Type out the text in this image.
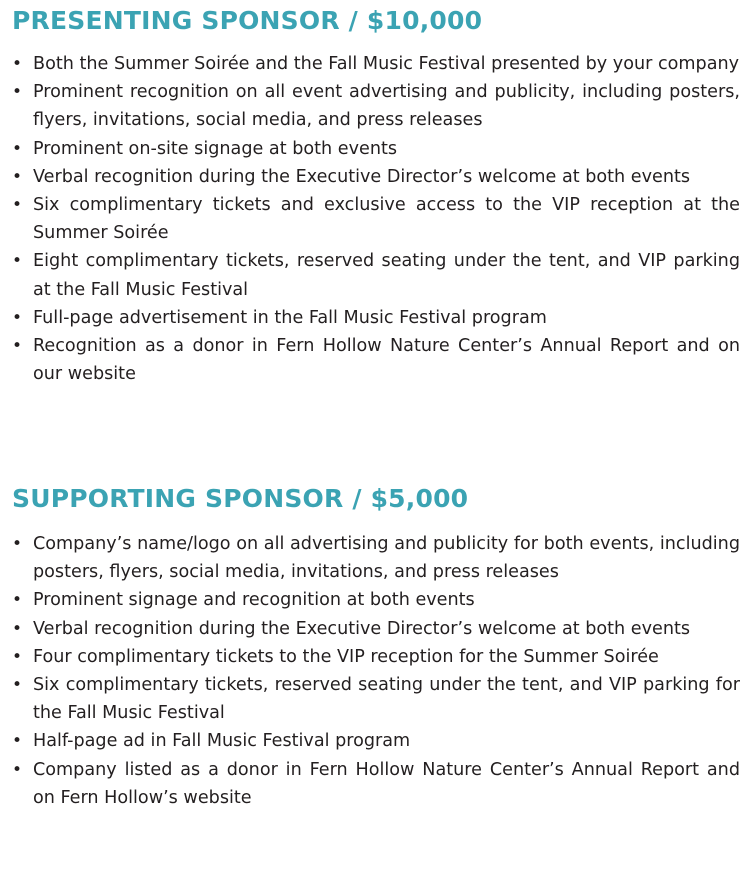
PRESENTING SPONSOR / $10,000
• Both the Summer Soirée and the Fall Music Festival presented by your company
• Prominent recognition on all event advertising and publicity, including posters, flyers, invitations, social media, and press releases
• Prominent on-site signage at both events
• Verbal recognition during the Executive Director’s welcome at both events
• Six complimentary tickets and exclusive access to the VIP reception at the Summer Soirée
• Eight complimentary tickets, reserved seating under the tent, and VIP parking at the Fall Music Festival
• Full-page advertisement in the Fall Music Festival program
• Recognition as a donor in Fern Hollow Nature Center’s Annual Report and on our website
SUPPORTING SPONSOR / $5,000
• Company’s name/logo on all advertising and publicity for both events, including posters, flyers, social media, invitations, and press releases
• Prominent signage and recognition at both events
• Verbal recognition during the Executive Director’s welcome at both events
• Four complimentary tickets to the VIP reception for the Summer Soirée
• Six complimentary tickets, reserved seating under the tent, and VIP parking for the Fall Music Festival
• Half-page ad in Fall Music Festival program
• Company listed as a donor in Fern Hollow Nature Center’s Annual Report and on Fern Hollow’s website
